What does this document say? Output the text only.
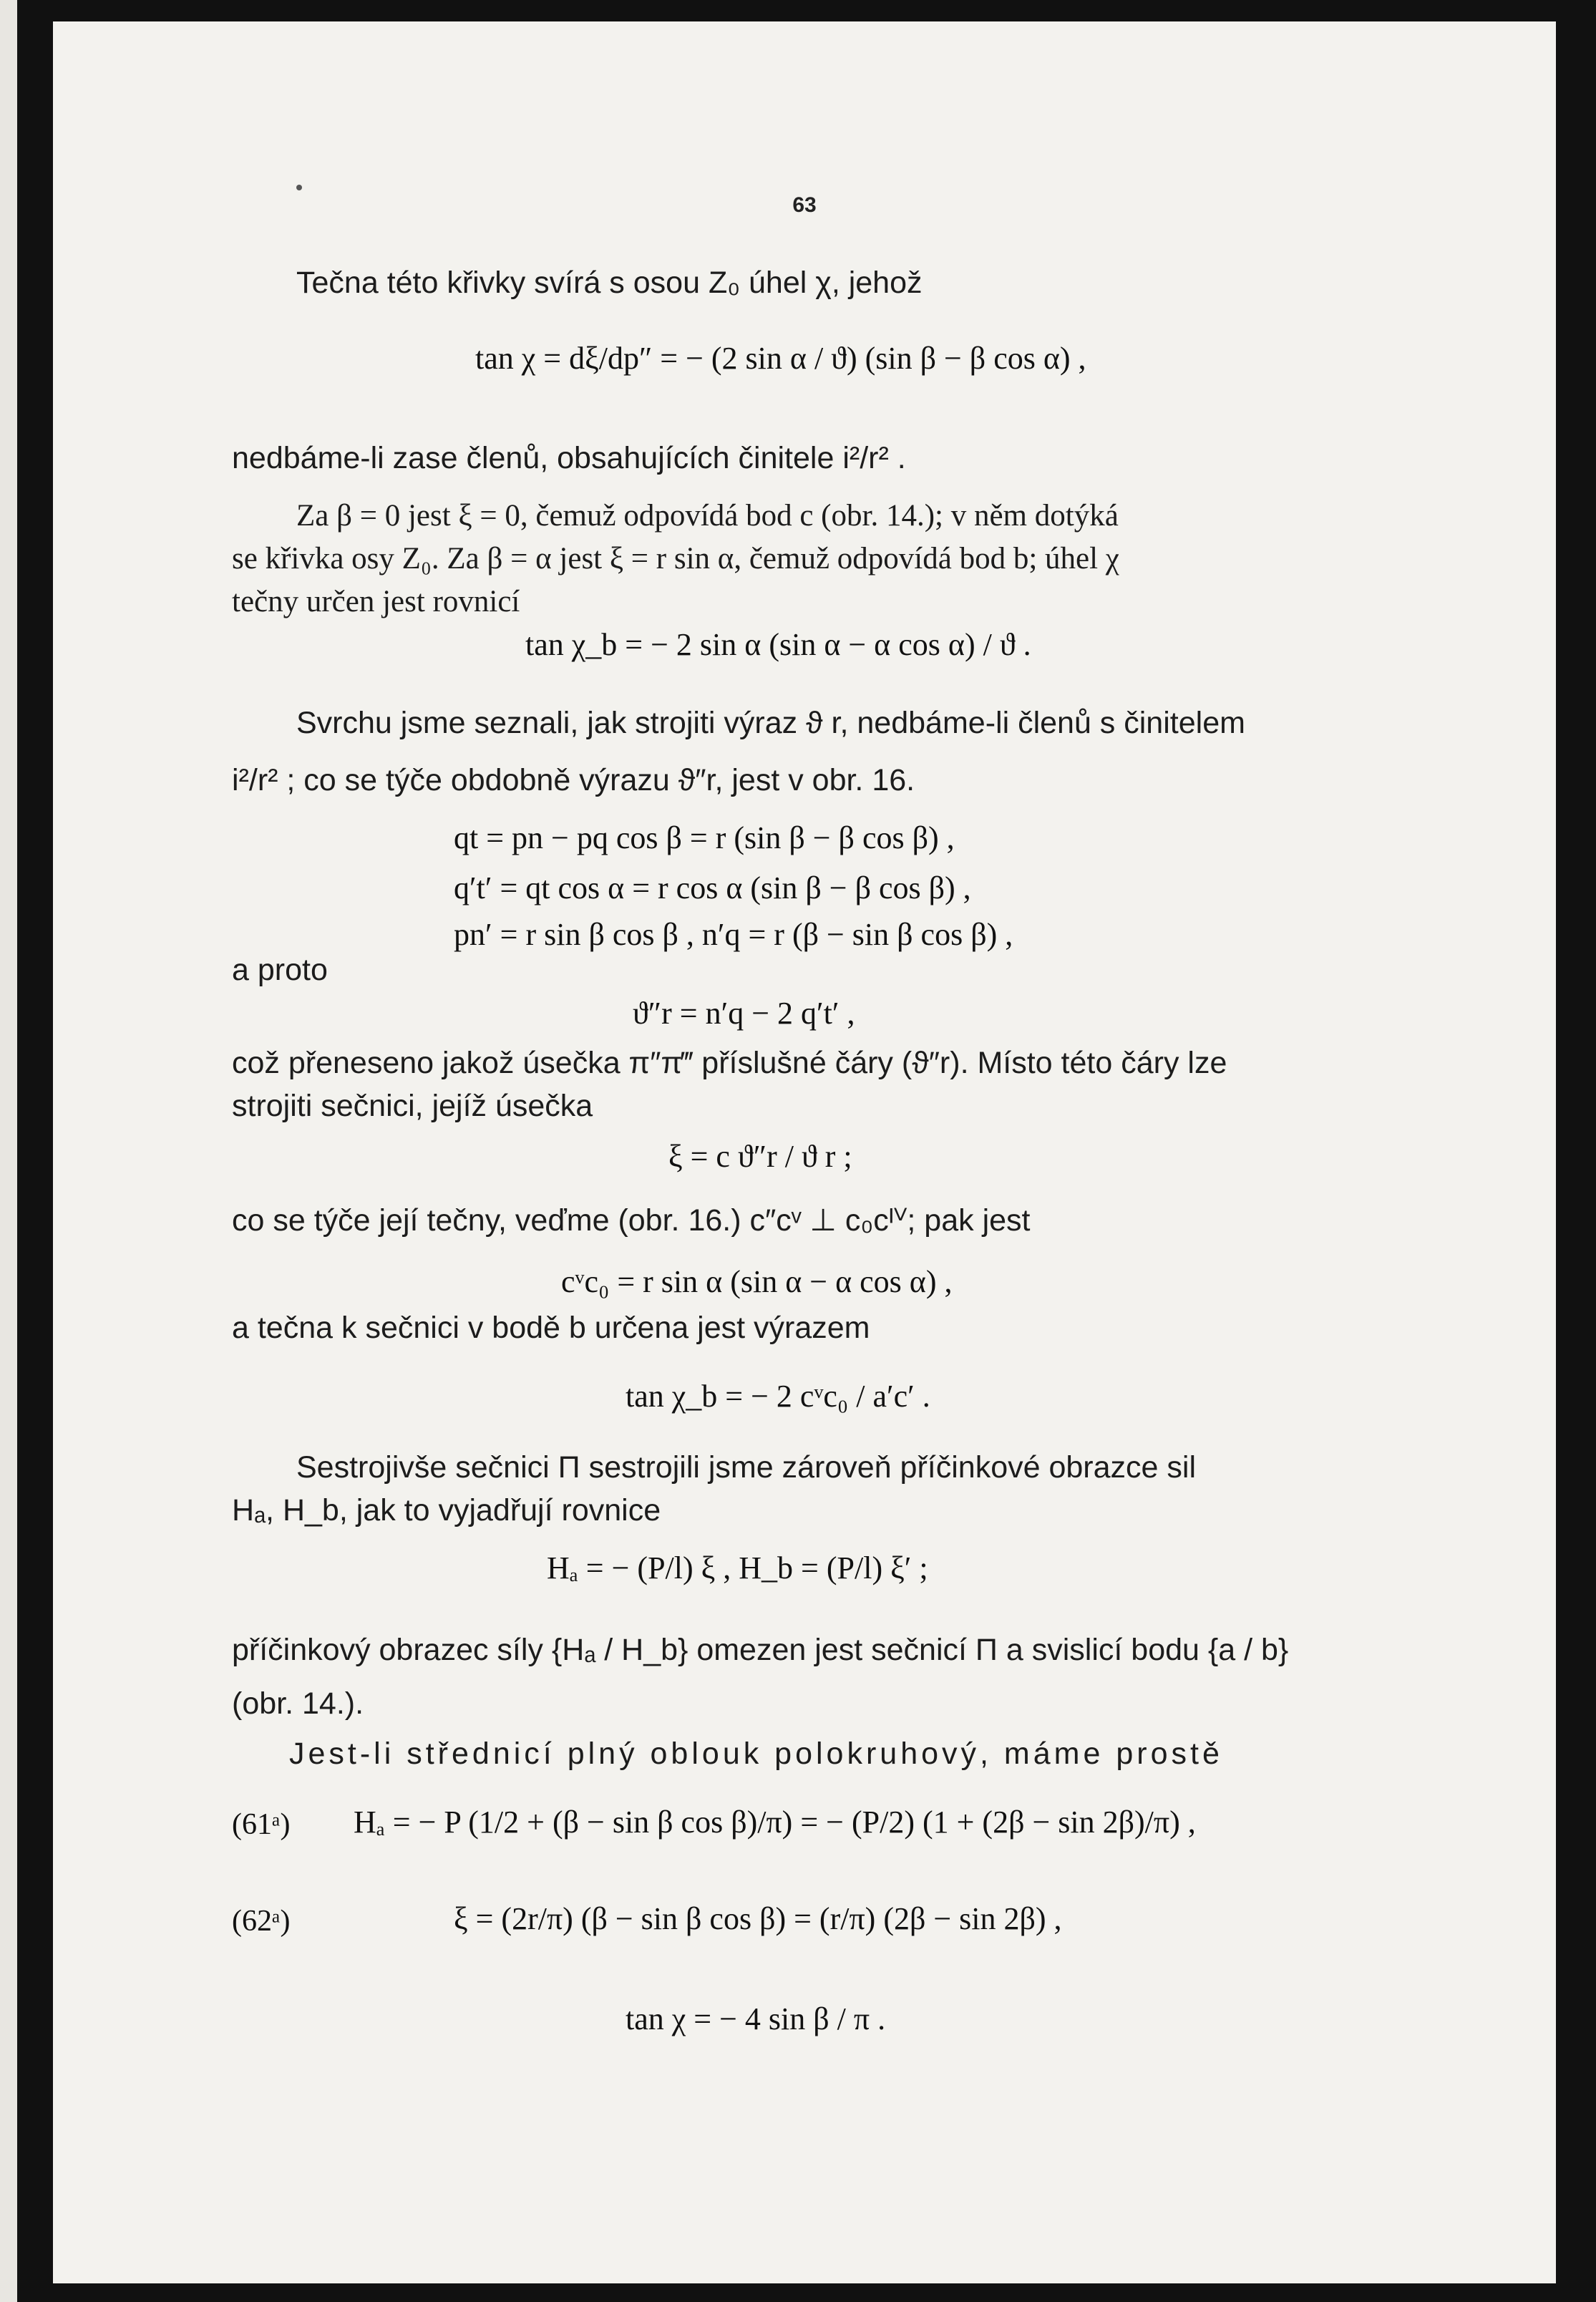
63
Tečna této křivky svírá s osou Z₀ úhel χ, jehož
tan χ = dξ/dp″ = − (2 sin α / ϑ) (sin β − β cos α) ,
nedbáme-li zase členů, obsahujících činitele i²/r² .
Za β = 0 jest ξ = 0, čemuž odpovídá bod c (obr. 14.); v něm dotýká
se křivka osy Z₀. Za β = α jest ξ = r sin α, čemuž odpovídá bod b; úhel χ
tečny určen jest rovnicí
tan χ_b = − 2 sin α (sin α − α cos α) / ϑ .
Svrchu jsme seznali, jak strojiti výraz ϑ r, nedbáme-li členů s činitelem
i²/r² ; co se týče obdobně výrazu ϑ″r, jest v obr. 16.
qt = pn − pq cos β = r (sin β − β cos β) ,
q′t′ = qt cos α = r cos α (sin β − β cos β) ,
pn′ = r sin β cos β , n′q = r (β − sin β cos β) ,
a proto
ϑ″r = n′q − 2 q′t′ ,
což přeneseno jakož úsečka π″π‴ příslušné čáry (ϑ″r). Místo této čáry lze
strojiti sečnici, jejíž úsečka
ξ = c ϑ″r / ϑ r ;
co se týče její tečny, veďme (obr. 16.) c″cᵛ ⊥ c₀cᴵⱽ; pak jest
cᵛc₀ = r sin α (sin α − α cos α) ,
a tečna k sečnici v bodě b určena jest výrazem
tan χ_b = − 2 cᵛc₀ / a′c′ .
Sestrojivše sečnici Π sestrojili jsme zároveň příčinkové obrazce sil
Hₐ, H_b, jak to vyjadřují rovnice
Hₐ = − (P/l) ξ , H_b = (P/l) ξ′ ;
příčinkový obrazec síly {Hₐ / H_b} omezen jest sečnicí Π a svislicí bodu {a / b}
(obr. 14.).
Jest-li střednicí plný oblouk polokruhový, máme prostě
(61ᵃ) Hₐ = − P (1/2 + (β − sin β cos β)/π) = − (P/2) (1 + (2β − sin 2β)/π) ,
(62ᵃ)	ξ = (2r/π) (β − sin β cos β) = (r/π) (2β − sin 2β) ,
tan χ = − 4 sin β / π .
